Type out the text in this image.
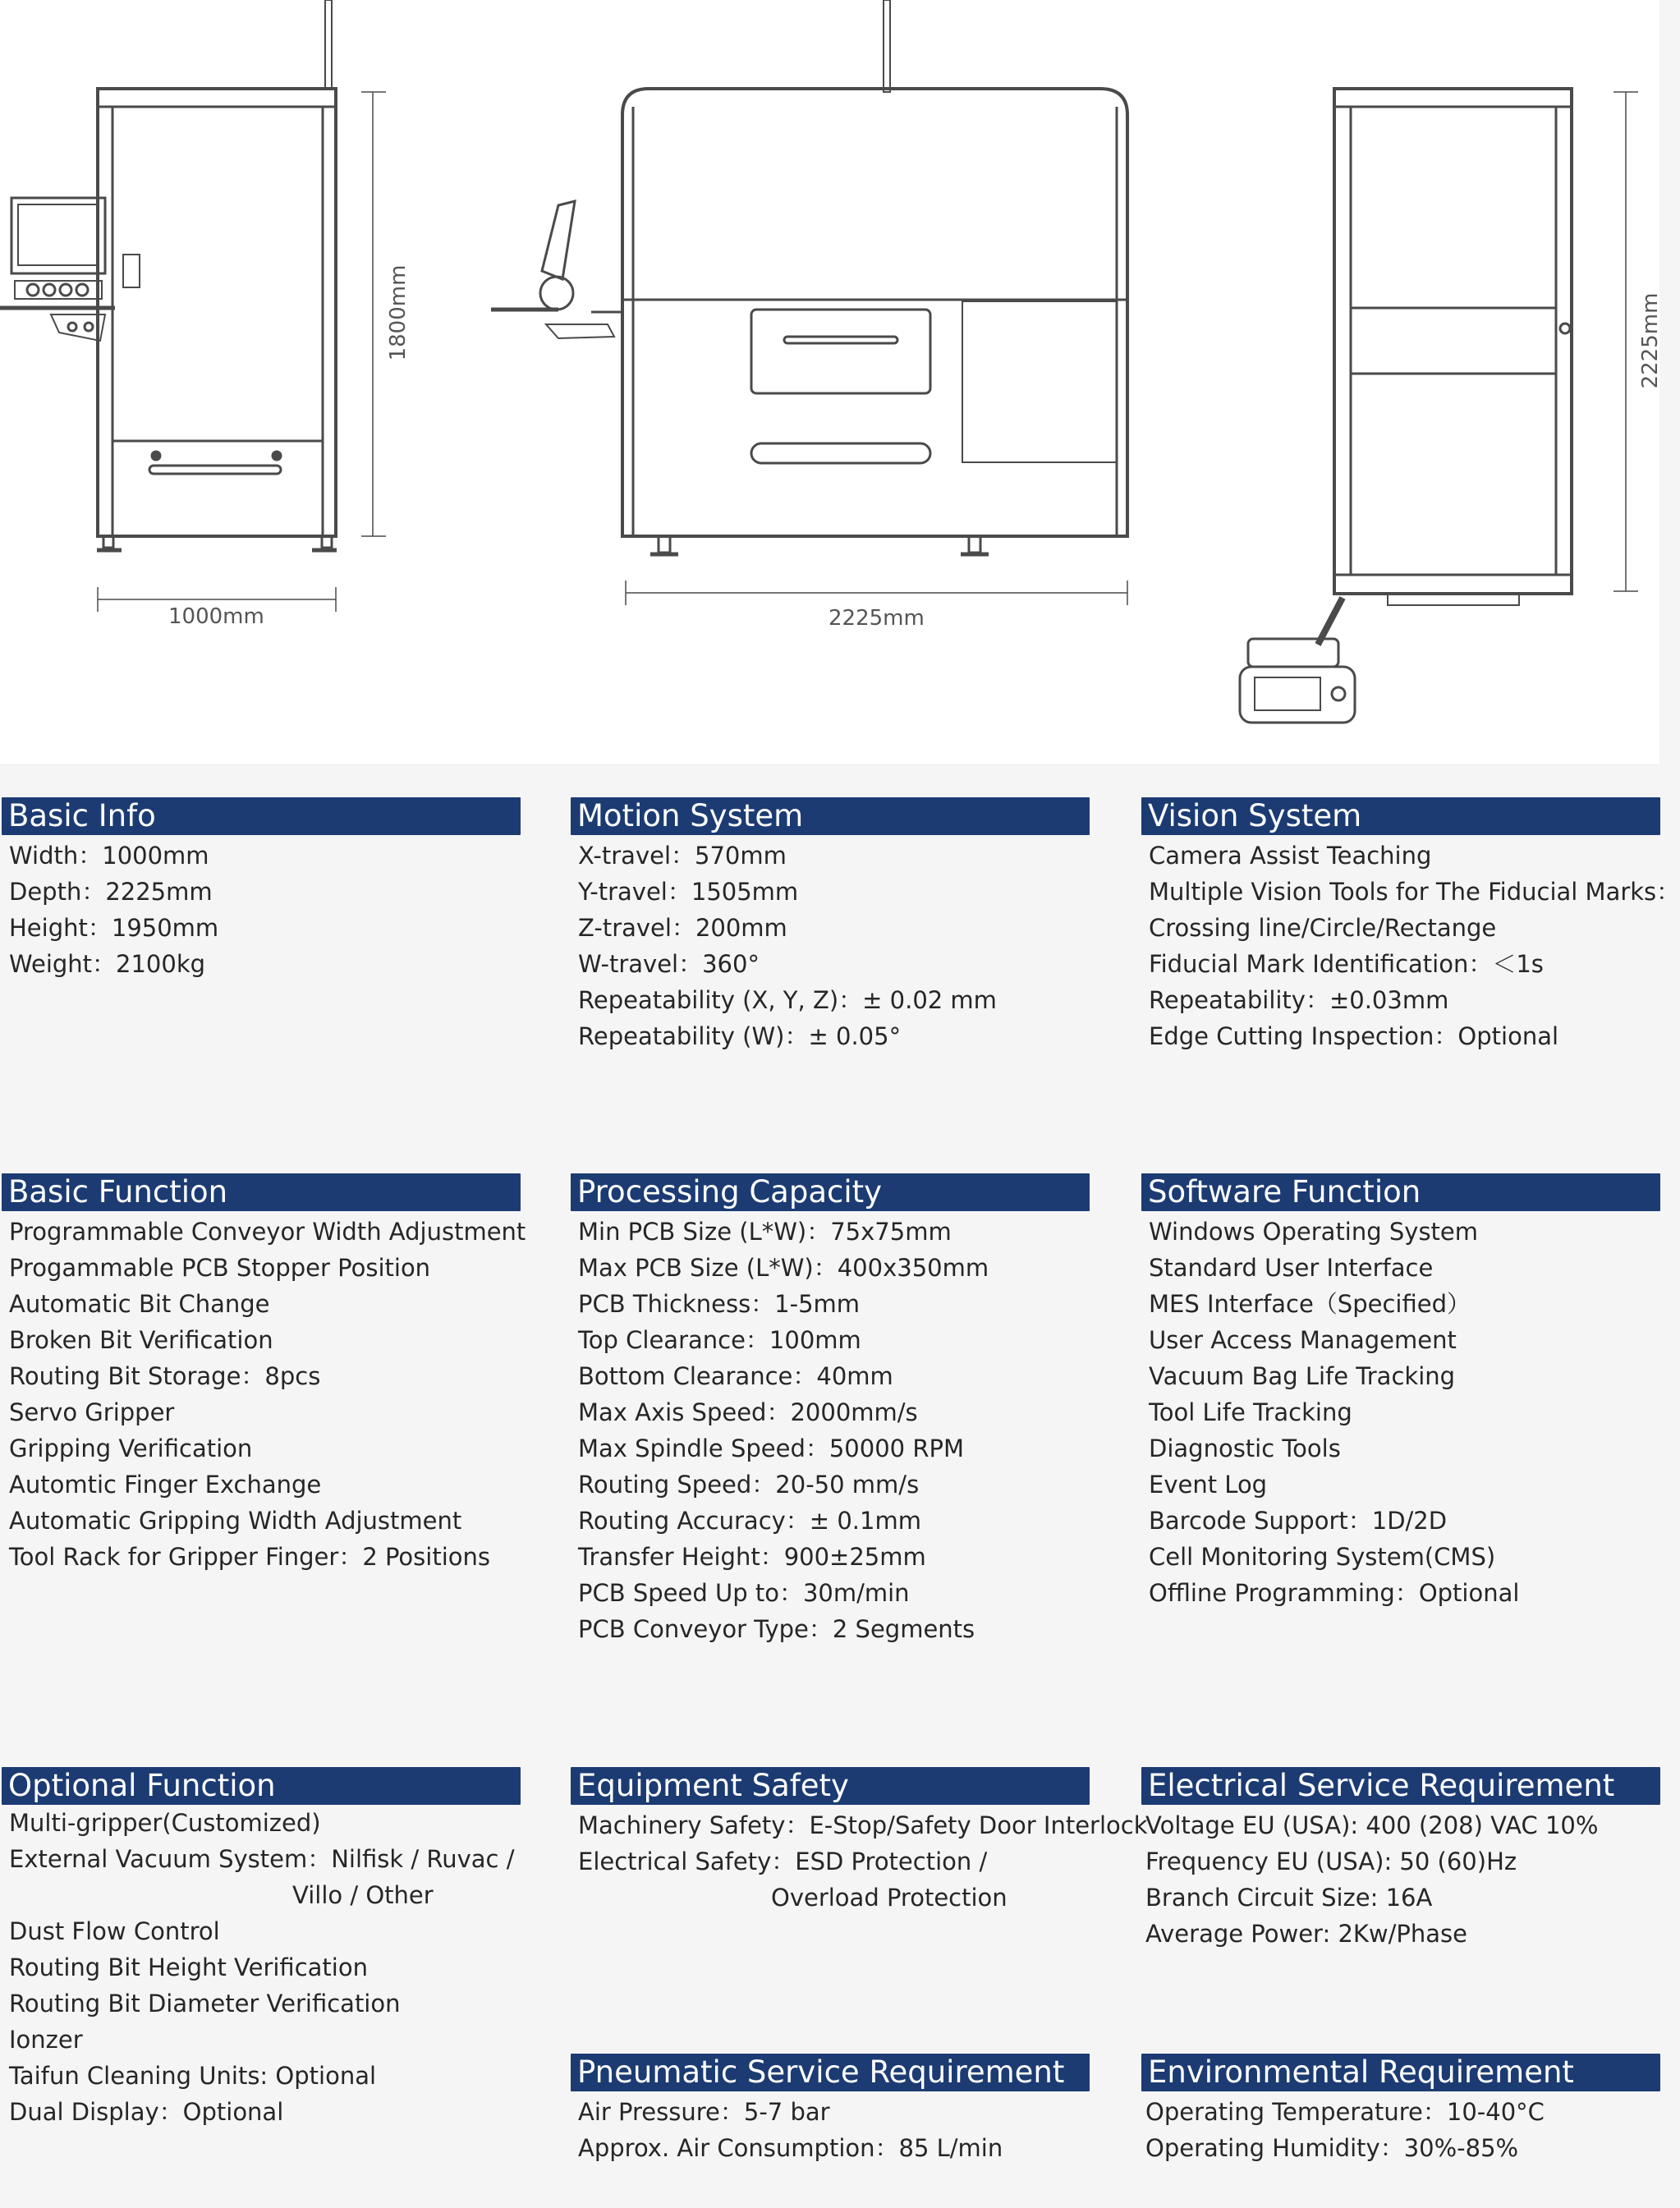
1000mm
1800mm
2225mm
2225mm
Basic Info
Width：1000mm
Depth：2225mm
Height：1950mm
Weight：2100kg
Motion System
X-travel：570mm
Y-travel：1505mm
Z-travel：200mm
W-travel：360°
Repeatability (X, Y, Z)：± 0.02 mm
Repeatability (W)：± 0.05°
Vision System
Camera Assist Teaching
Multiple Vision Tools for The Fiducial Marks：
Crossing line/Circle/Rectange
Fiducial Mark Identification：＜1s
Repeatability：±0.03mm
Edge Cutting Inspection：Optional
Basic Function
Programmable Conveyor Width Adjustment
Progammable PCB Stopper Position
Automatic Bit Change
Broken Bit Verification
Routing Bit Storage：8pcs
Servo Gripper
Gripping Verification
Automtic Finger Exchange
Automatic Gripping Width Adjustment
Tool Rack for Gripper Finger：2 Positions
Processing Capacity
Min PCB Size (L*W)：75x75mm
Max PCB Size (L*W)：400x350mm
PCB Thickness：1-5mm
Top Clearance：100mm
Bottom Clearance：40mm
Max Axis Speed：2000mm/s
Max Spindle Speed：50000 RPM
Routing Speed：20-50 mm/s
Routing Accuracy：± 0.1mm
Transfer Height：900±25mm
PCB Speed Up to：30m/min
PCB Conveyor Type：2 Segments
Software Function
Windows Operating System
Standard User Interface
MES Interface（Specified）
User Access Management
Vacuum Bag Life Tracking
Tool Life Tracking
Diagnostic Tools
Event Log
Barcode Support：1D/2D
Cell Monitoring System(CMS)
Offline Programming：Optional
Optional Function
Multi-gripper(Customized)
External Vacuum System：Nilfisk / Ruvac /
Villo / Other
Dust Flow Control
Routing Bit Height Verification
Routing Bit Diameter Verification
Ionzer
Taifun Cleaning Units: Optional
Dual Display：Optional
Equipment Safety
Machinery Safety：E-Stop/Safety Door Interlock
Electrical Safety：ESD Protection /
Overload Protection
Electrical Service Requirement
Voltage EU (USA): 400 (208) VAC 10%
Frequency EU (USA): 50 (60)Hz
Branch Circuit Size: 16A
Average Power: 2Kw/Phase
Pneumatic Service Requirement
Air Pressure：5-7 bar
Approx. Air Consumption：85 L/min
Environmental Requirement
Operating Temperature：10-40°C
Operating Humidity：30%-85%
